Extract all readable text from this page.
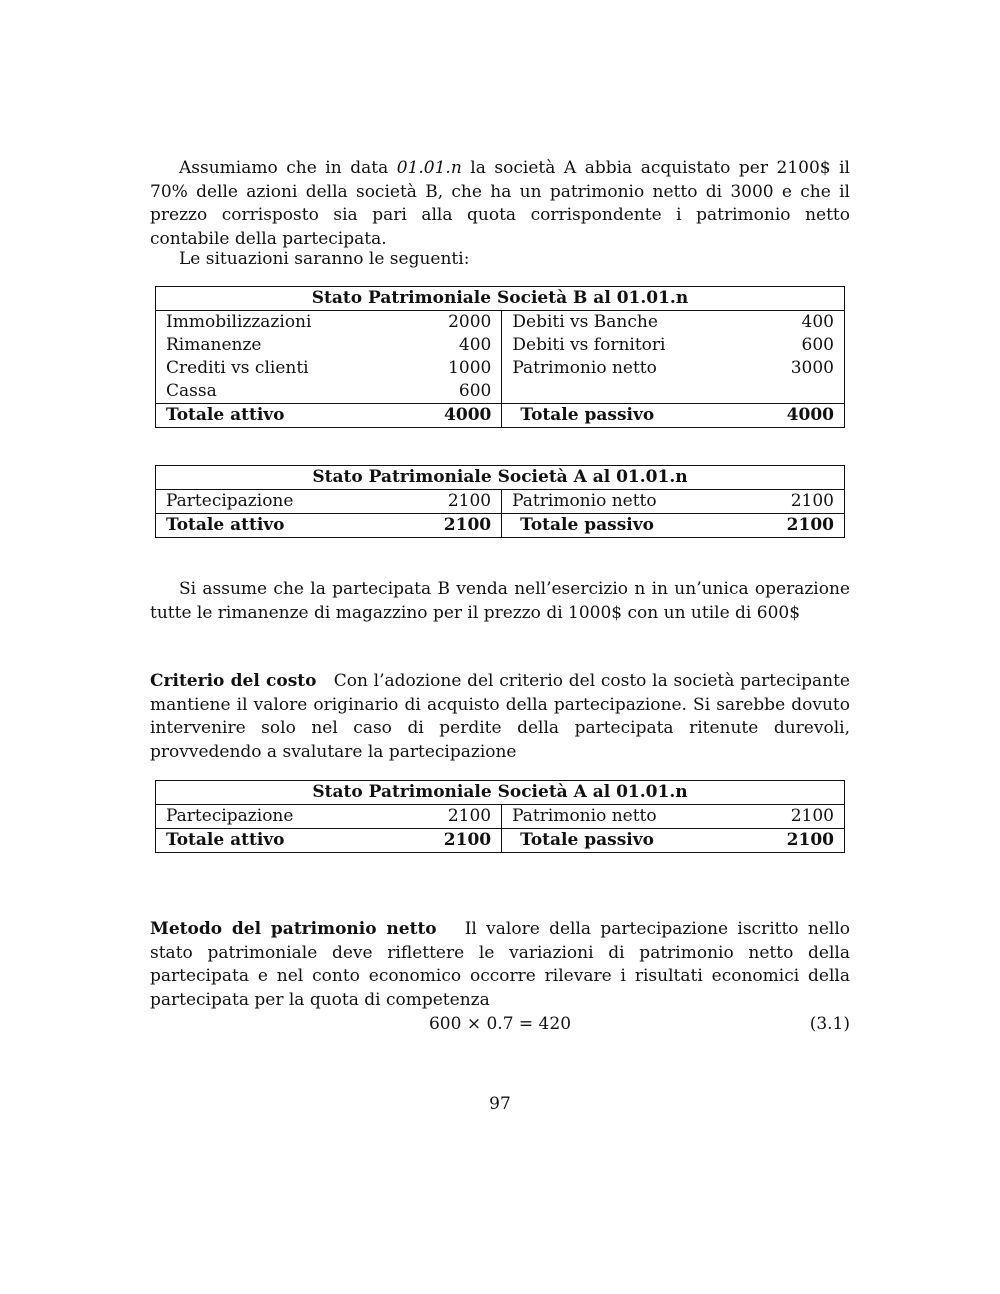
Assumiamo che in data 01.01.n la società A abbia acquistato per 2100$ il 70% delle azioni della società B, che ha un patrimonio netto di 3000 e che il prezzo corrisposto sia pari alla quota corrispondente i patrimonio netto contabile della partecipata.

Le situazioni saranno le seguenti:

Stato Patrimoniale Società B al 01.01.n			
Immobilizzazioni	2000	Debiti vs Banche	400
Rimanenze	400	Debiti vs fornitori	600
Crediti vs clienti	1000	Patrimonio netto	3000
Cassa	600		
Totale attivo	4000	Totale passivo	4000
Stato Patrimoniale Società A al 01.01.n			
Partecipazione	2100	Patrimonio netto	2100
Totale attivo	2100	Totale passivo	2100

Si assume che la partecipata B venda nell’esercizio n in un’unica operazione tutte le rimanenze di magazzino per il prezzo di 1000$ con un utile di 600$

Criterio del costo Con l’adozione del criterio del costo la società partecipante mantiene il valore originario di acquisto della partecipazione. Si sarebbe dovuto intervenire solo nel caso di perdite della partecipata ritenute durevoli, provvedendo a svalutare la partecipazione

Stato Patrimoniale Società A al 01.01.n			
Partecipazione	2100	Patrimonio netto	2100
Totale attivo	2100	Totale passivo	2100

Metodo del patrimonio netto Il valore della partecipazione iscritto nello stato patrimoniale deve riflettere le variazioni di patrimonio netto della partecipata e nel conto economico occorre rilevare i risultati economici della partecipata per la quota di competenza

600 × 0.7 = 420	(3.1)
97
